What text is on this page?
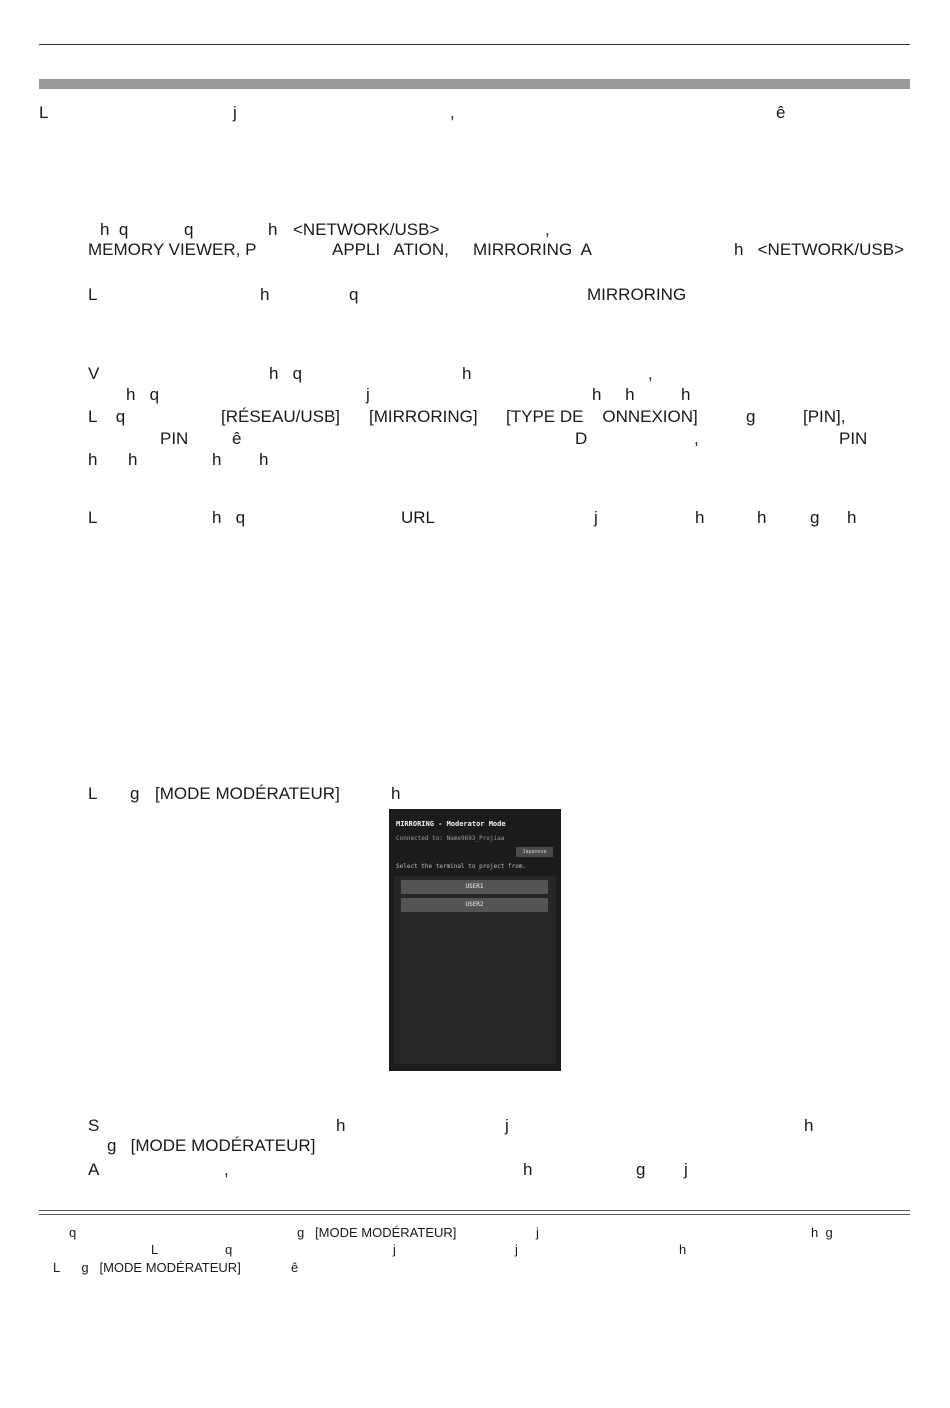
L	j	,	ê
h  q	q	h <NETWORK/USB>	,
MEMORY VIEWER, P	APPLI   ATION, MIRRORING  A	h   <NETWORK/USB>
L	h	q	MIRRORING
V	h   q	h	,
h   q	j	h     h	h
L    q	[RÉSEAU/USB] [MIRRORING] [TYPE DE    ONNEXION]	g	[PIN],
PIN	ê	D	,	PIN
h h	h h
L	h   q	URL	j	h	h	g h
L g [MODE MODÉRATEUR]	h
MIRRORING - Moderator Mode
Connected to: Name9693_Projiaa
Japanese
Select the terminal to project from.
USER1
USER2
S	h	j	h
g   [MODE MODÉRATEUR]
A	,	h	g j
q	g   [MODE MODÉRATEUR]	j	h  g
L	q	j	j	h
L      g   [MODE MODÉRATEUR]	ê
